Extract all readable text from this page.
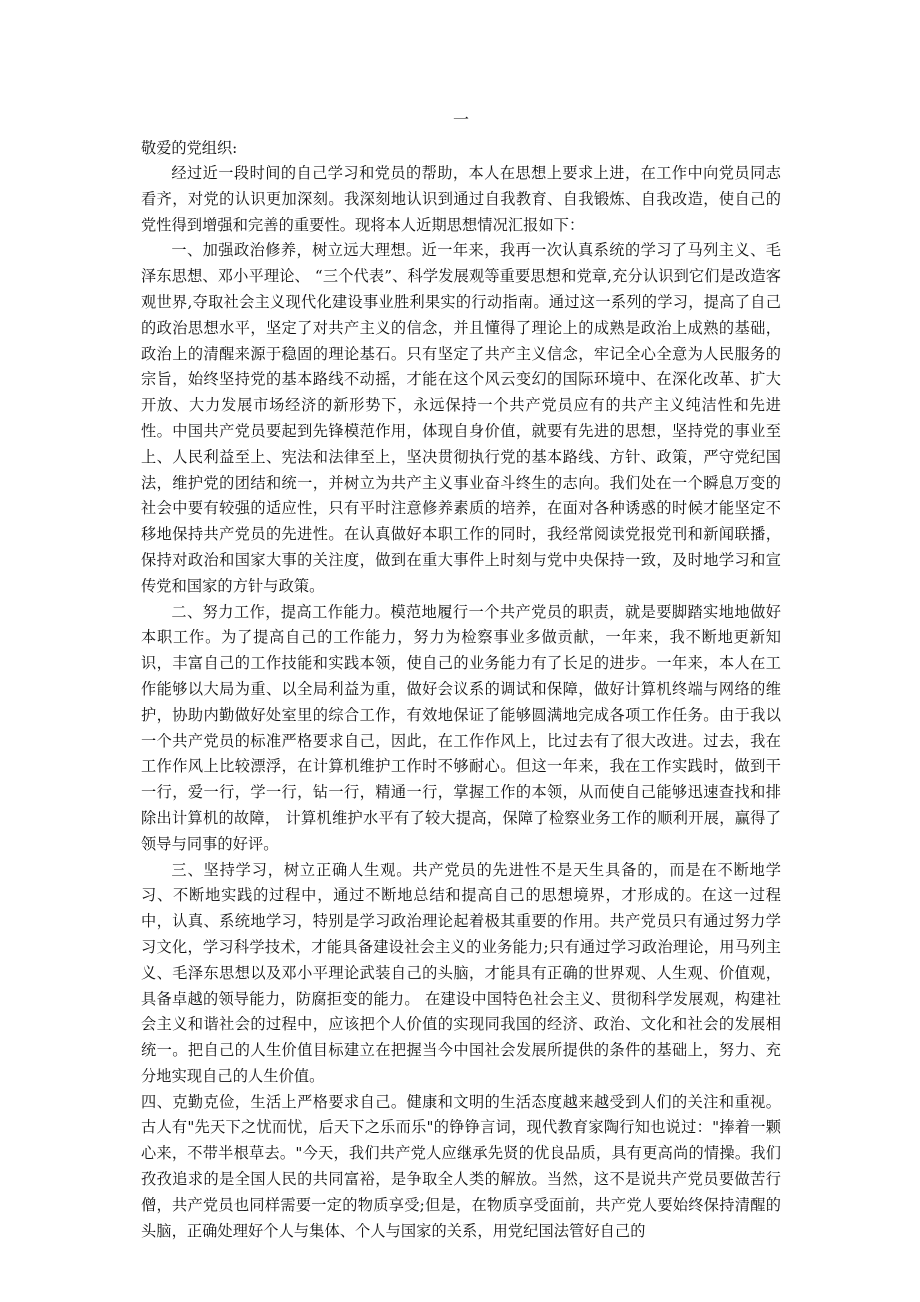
一

敬爱的党组织:

经过近一段时间的自己学习和党员的帮助，本人在思想上要求上进，在工作中向党员同志看齐，对党的认识更加深刻。我深刻地认识到通过自我教育、自我锻炼、自我改造，使自己的党性得到增强和完善的重要性。现将本人近期思想情况汇报如下：

一、加强政治修养，树立远大理想。近一年来，我再一次认真系统的学习了马列主义、毛泽东思想、邓小平理论、 “三个代表”、科学发展观等重要思想和党章,充分认识到它们是改造客观世界,夺取社会主义现代化建设事业胜利果实的行动指南。通过这一系列的学习，提高了自己的政治思想水平，坚定了对共产主义的信念，并且懂得了理论上的成熟是政治上成熟的基础，政治上的清醒来源于稳固的理论基石。只有坚定了共产主义信念，牢记全心全意为人民服务的宗旨，始终坚持党的基本路线不动摇，才能在这个风云变幻的国际环境中、在深化改革、扩大开放、大力发展市场经济的新形势下，永远保持一个共产党员应有的共产主义纯洁性和先进性。中国共产党员要起到先锋模范作用，体现自身价值，就要有先进的思想，坚持党的事业至上、人民利益至上、宪法和法律至上，坚决贯彻执行党的基本路线、方针、政策，严守党纪国法，维护党的团结和统一，并树立为共产主义事业奋斗终生的志向。我们处在一个瞬息万变的社会中要有较强的适应性，只有平时注意修养素质的培养，在面对各种诱惑的时候才能坚定不移地保持共产党员的先进性。在认真做好本职工作的同时，我经常阅读党报党刊和新闻联播，保持对政治和国家大事的关注度，做到在重大事件上时刻与党中央保持一致，及时地学习和宣传党和国家的方针与政策。

二、努力工作，提高工作能力。模范地履行一个共产党员的职责，就是要脚踏实地地做好本职工作。为了提高自己的工作能力，努力为检察事业多做贡献，一年来，我不断地更新知识，丰富自己的工作技能和实践本领，使自己的业务能力有了长足的进步。一年来，本人在工作能够以大局为重、以全局利益为重，做好会议系的调试和保障，做好计算机终端与网络的维护，协助内勤做好处室里的综合工作，有效地保证了能够圆满地完成各项工作任务。由于我以一个共产党员的标准严格要求自己，因此，在工作作风上，比过去有了很大改进。过去，我在工作作风上比较漂浮，在计算机维护工作时不够耐心。但这一年来，我在工作实践时，做到干一行，爱一行，学一行，钻一行，精通一行，掌握工作的本领，从而使自己能够迅速查找和排除出计算机的故障， 计算机维护水平有了较大提高，保障了检察业务工作的顺利开展，赢得了领导与同事的好评。

三、坚持学习，树立正确人生观。共产党员的先进性不是天生具备的，而是在不断地学习、不断地实践的过程中，通过不断地总结和提高自己的思想境界，才形成的。在这一过程中，认真、系统地学习，特别是学习政治理论起着极其重要的作用。共产党员只有通过努力学习文化，学习科学技术，才能具备建设社会主义的业务能力;只有通过学习政治理论，用马列主义、毛泽东思想以及邓小平理论武装自己的头脑，才能具有正确的世界观、人生观、价值观，具备卓越的领导能力，防腐拒变的能力。 在建设中国特色社会主义、贯彻科学发展观，构建社会主义和谐社会的过程中，应该把个人价值的实现同我国的经济、政治、文化和社会的发展相统一。把自己的人生价值目标建立在把握当今中国社会发展所提供的条件的基础上，努力、充分地实现自己的人生价值。

四、克勤克俭，生活上严格要求自己。健康和文明的生活态度越来越受到人们的关注和重视。古人有"先天下之忧而忧，后天下之乐而乐"的铮铮言词，现代教育家陶行知也说过："捧着一颗心来，不带半根草去。"今天，我们共产党人应继承先贤的优良品质，具有更高尚的情操。我们孜孜追求的是全国人民的共同富裕，是争取全人类的解放。当然，这不是说共产党员要做苦行僧，共产党员也同样需要一定的物质享受;但是，在物质享受面前，共产党人要始终保持清醒的头脑，正确处理好个人与集体、个人与国家的关系，用党纪国法管好自己的
